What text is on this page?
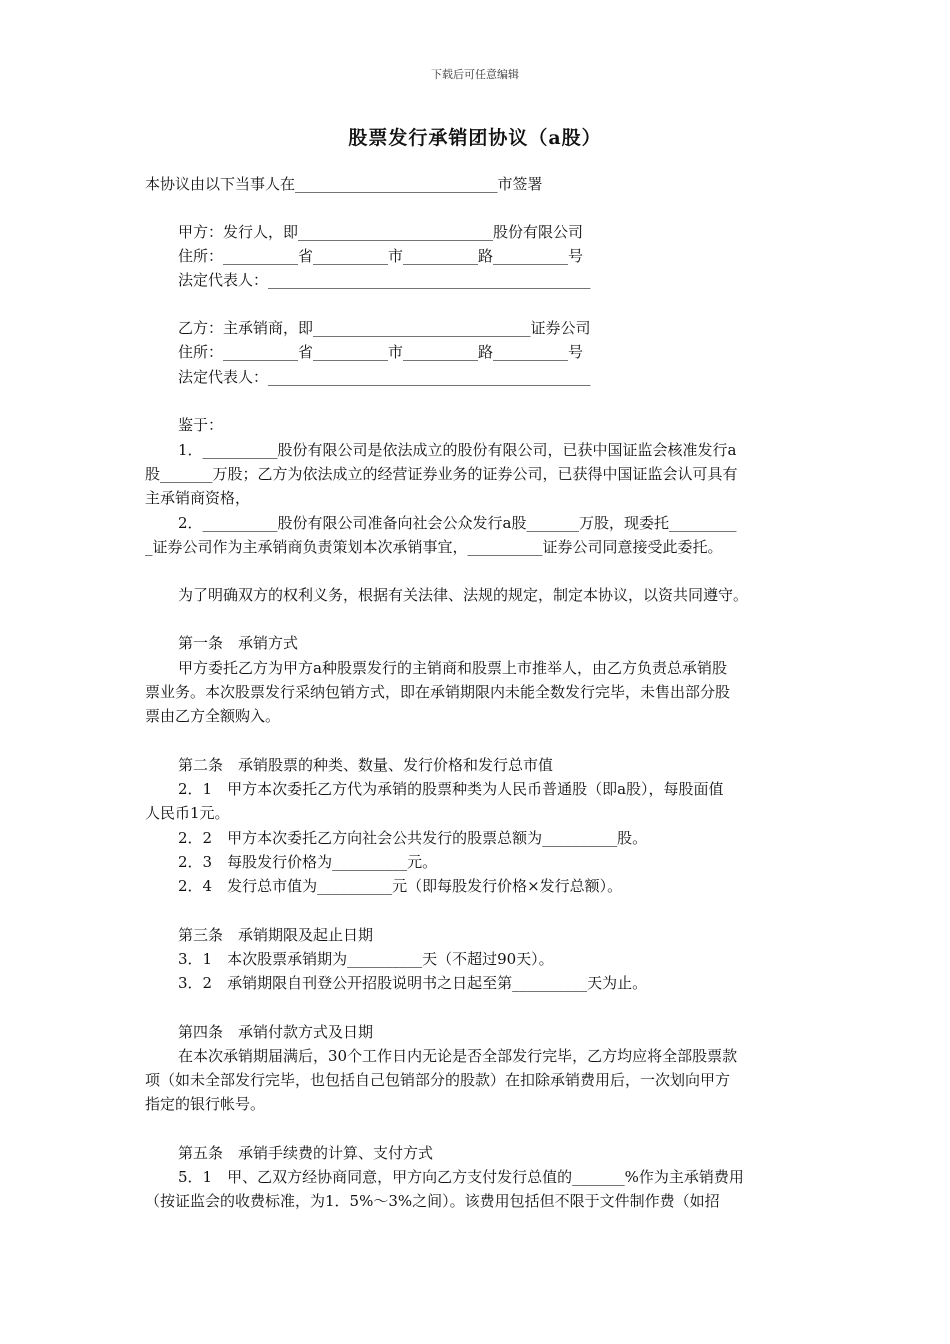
下载后可任意编辑
股票发行承销团协议（a股）
本协议由以下当事人在___________________________市签署
甲方：发行人，即__________________________股份有限公司
住所：__________省__________市__________路__________号
法定代表人：___________________________________________
乙方：主承销商，即_____________________________证券公司
住所：__________省__________市__________路__________号
法定代表人：___________________________________________
鉴于：
1．__________股份有限公司是依法成立的股份有限公司，已获中国证监会核准发行a
股_______万股；乙方为依法成立的经营证券业务的证券公司，已获得中国证监会认可具有
主承销商资格，
2．__________股份有限公司准备向社会公众发行a股_______万股，现委托_________
_证券公司作为主承销商负责策划本次承销事宜，__________证券公司同意接受此委托。
为了明确双方的权利义务，根据有关法律、法规的规定，制定本协议，以资共同遵守。
第一条　承销方式
甲方委托乙方为甲方a种股票发行的主销商和股票上市推举人，由乙方负责总承销股
票业务。本次股票发行采纳包销方式，即在承销期限内未能全数发行完毕，未售出部分股
票由乙方全额购入。
第二条　承销股票的种类、数量、发行价格和发行总市值
2．1　甲方本次委托乙方代为承销的股票种类为人民币普通股（即a股），每股面值
人民币1元。
2．2　甲方本次委托乙方向社会公共发行的股票总额为__________股。
2．3　每股发行价格为__________元。
2．4　发行总市值为__________元（即每股发行价格×发行总额）。
第三条　承销期限及起止日期
3．1　本次股票承销期为__________天（不超过90天）。
3．2　承销期限自刊登公开招股说明书之日起至第__________天为止。
第四条　承销付款方式及日期
在本次承销期届满后，30个工作日内无论是否全部发行完毕，乙方均应将全部股票款
项（如未全部发行完毕，也包括自己包销部分的股款）在扣除承销费用后，一次划向甲方
指定的银行帐号。
第五条　承销手续费的计算、支付方式
5．1　甲、乙双方经协商同意，甲方向乙方支付发行总值的_______%作为主承销费用
（按证监会的收费标准，为1．5%～3%之间）。该费用包括但不限于文件制作费（如招
